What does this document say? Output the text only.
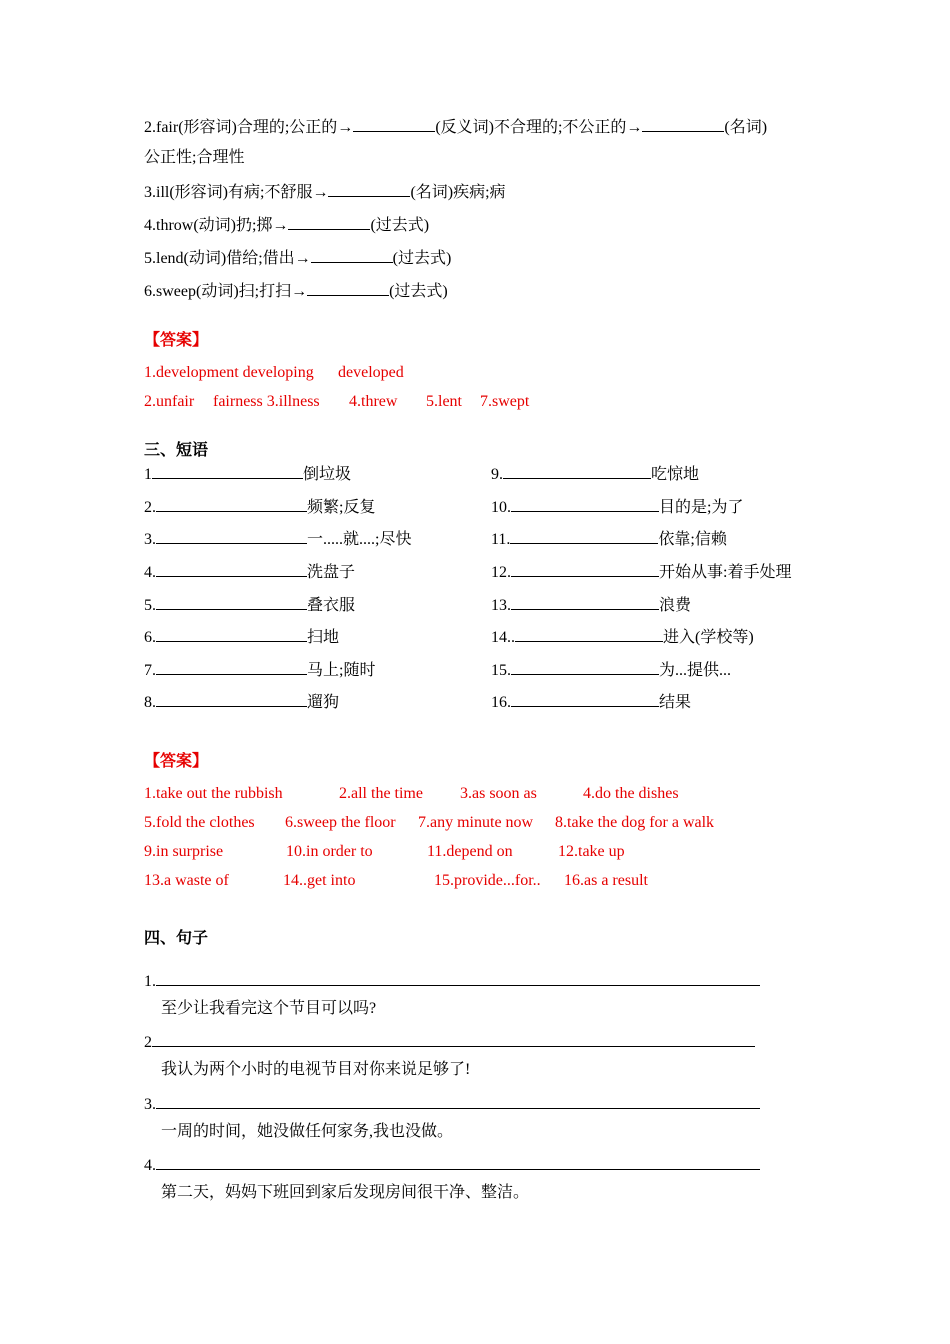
2.fair(形容词)合理的;公正的→	(反义词)不合理的;不公正的→	(名词)
公正性;合理性
3.ill(形容词)有病;不舒服→	(名词)疾病;病
4.throw(动词)扔;掷→	(过去式)
5.lend(动词)借给;借出→	(过去式)
6.sweep(动词)扫;打扫→	(过去式)
【答案】
1.development developing developed
2.unfair fairness 3.illness 4.threw 5.lent 7.swept
三、短语
1	倒垃圾
2.	频繁;反复
3.	一.....就....;尽快
4.	洗盘子
5.	叠衣服
6.	扫地
7.	马上;随时
8.	遛狗
9.	吃惊地
10.	目的是;为了
11.	依靠;信赖
12.	开始从事:着手处理
13.	浪费
14..	进入(学校等)
15.	为...提供...
16.	结果
【答案】
1.take out the rubbish	2.all the time 3.as soon as	4.do the dishes
5.fold the clothes 6.sweep the floor 7.any minute now 8.take the dog for a walk
9.in surprise	10.in order to	11.depend on	12.take up
13.a waste of	14..get into	15.provide...for.. 16.as a result
四、句子
1.
至少让我看完这个节目可以吗?
2
我认为两个小时的电视节目对你来说足够了!
3.
一周的时间，她没做任何家务,我也没做。
4.
第二天，妈妈下班回到家后发现房间很干净、整洁。
